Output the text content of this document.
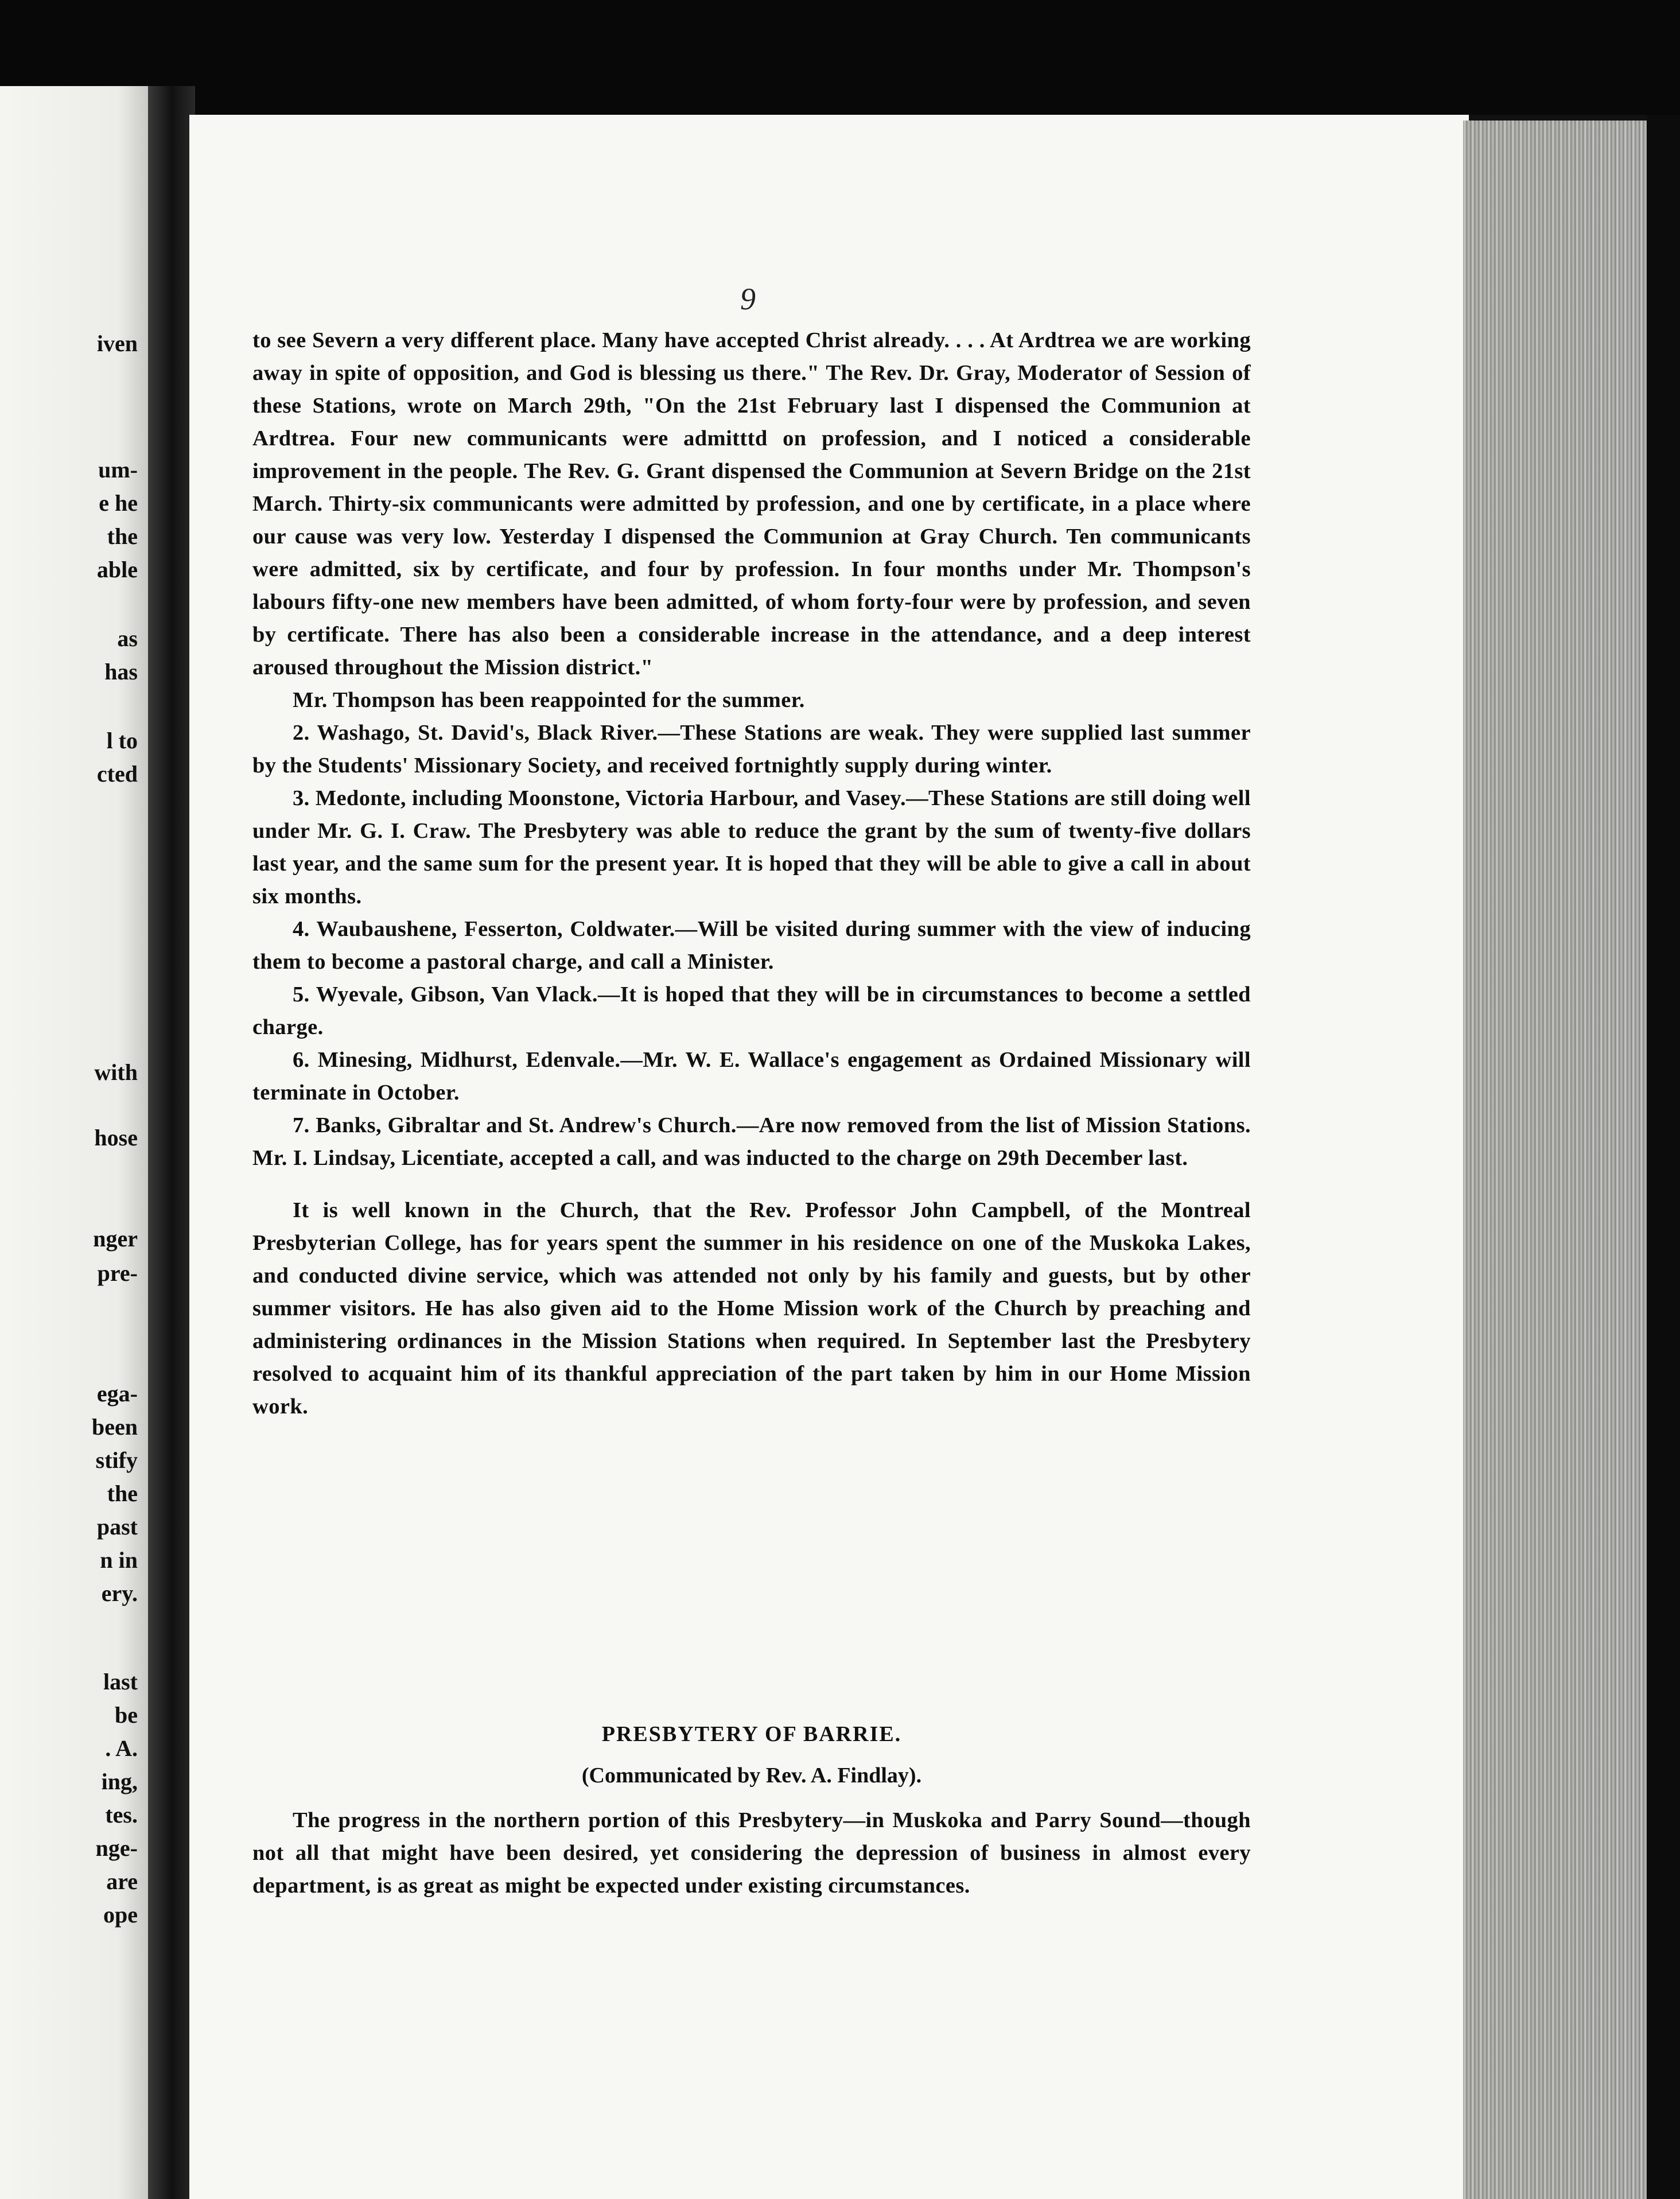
iven
um-
e he
the
able
as
has
l to
cted
with
hose
nger
pre-
ega-
been
stify
the
past
n in
ery.
last
be
. A.
ing,
tes.
nge-
are
ope
9

to see Severn a very different place. Many have accepted Christ already. . . . At Ardtrea we are working away in spite of opposition, and God is blessing us there." The Rev. Dr. Gray, Moderator of Session of these Stations, wrote on March 29th, "On the 21st February last I dispensed the Communion at Ardtrea. Four new communicants were admitttd on profession, and I noticed a considerable improvement in the people. The Rev. G. Grant dispensed the Communion at Severn Bridge on the 21st March. Thirty-six communicants were admitted by profession, and one by certificate, in a place where our cause was very low. Yesterday I dispensed the Communion at Gray Church. Ten communicants were admitted, six by certificate, and four by profession. In four months under Mr. Thompson's labours fifty-one new members have been admitted, of whom forty-four were by profession, and seven by certificate. There has also been a considerable increase in the attendance, and a deep interest aroused throughout the Mission district."

Mr. Thompson has been reappointed for the summer.

2. Washago, St. David's, Black River.—These Stations are weak. They were supplied last summer by the Students' Missionary Society, and received fortnightly supply during winter.

3. Medonte, including Moonstone, Victoria Harbour, and Vasey.—These Stations are still doing well under Mr. G. I. Craw. The Presbytery was able to reduce the grant by the sum of twenty-five dollars last year, and the same sum for the present year. It is hoped that they will be able to give a call in about six months.

4. Waubaushene, Fesserton, Coldwater.—Will be visited during summer with the view of inducing them to become a pastoral charge, and call a Minister.

5. Wyevale, Gibson, Van Vlack.—It is hoped that they will be in circumstances to become a settled charge.

6. Minesing, Midhurst, Edenvale.—Mr. W. E. Wallace's engagement as Ordained Missionary will terminate in October.

7. Banks, Gibraltar and St. Andrew's Church.—Are now removed from the list of Mission Stations. Mr. I. Lindsay, Licentiate, accepted a call, and was inducted to the charge on 29th December last.

It is well known in the Church, that the Rev. Professor John Campbell, of the Montreal Presbyterian College, has for years spent the summer in his residence on one of the Muskoka Lakes, and conducted divine service, which was attended not only by his family and guests, but by other summer visitors. He has also given aid to the Home Mission work of the Church by preaching and administering ordinances in the Mission Stations when required. In September last the Presbytery resolved to acquaint him of its thankful appreciation of the part taken by him in our Home Mission work.

PRESBYTERY OF BARRIE.

(Communicated by Rev. A. Findlay).

The progress in the northern portion of this Presbytery—in Muskoka and Parry Sound—though not all that might have been desired, yet considering the depression of business in almost every department, is as great as might be expected under existing circumstances.
